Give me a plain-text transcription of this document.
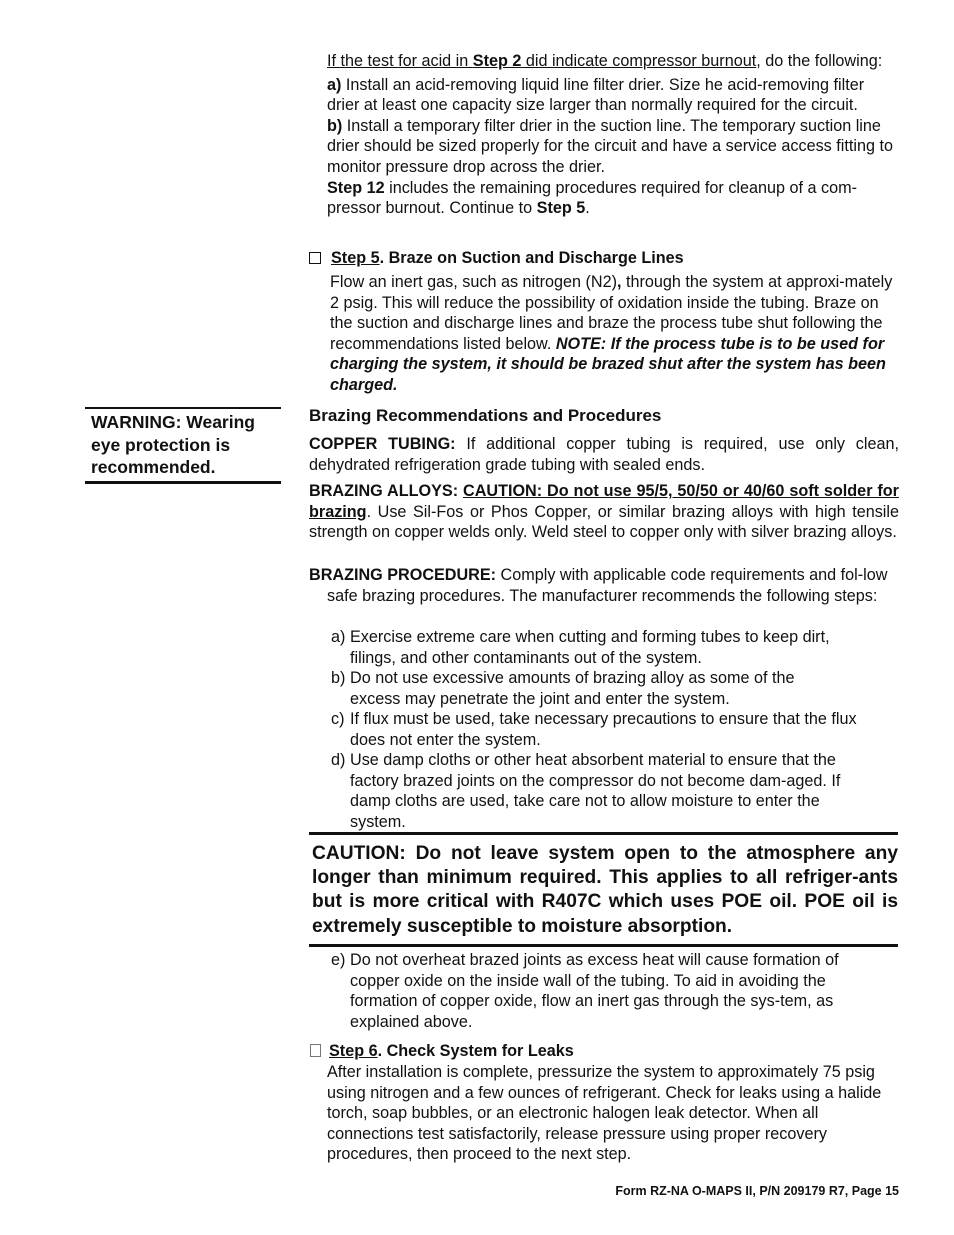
If the test for acid in Step 2 did indicate compressor burnout, do the following:

a) Install an acid-removing liquid line filter drier. Size he acid-removing filter drier at least one capacity size larger than normally required for the circuit.

b) Install a temporary filter drier in the suction line. The temporary suction line drier should be sized properly for the circuit and have a service access fitting to monitor pressure drop across the drier.

Step 12 includes the remaining procedures required for cleanup of a com-pressor burnout. Continue to Step 5.

Step 5. Braze on Suction and Discharge Lines

Flow an inert gas, such as nitrogen (N2), through the system at approxi-mately 2 psig. This will reduce the possibility of oxidation inside the tubing. Braze on the suction and discharge lines and braze the process tube shut following the recommendations listed below. NOTE: If the process tube is to be used for charging the system, it should be brazed shut after the system has been charged.

WARNING: Wearing eye protection is recommended.

Brazing Recommendations and Procedures

COPPER TUBING: If additional copper tubing is required, use only clean, dehydrated refrigeration grade tubing with sealed ends.

BRAZING ALLOYS: CAUTION: Do not use 95/5, 50/50 or 40/60 soft solder for brazing. Use Sil-Fos or Phos Copper, or similar brazing alloys with high tensile strength on copper welds only. Weld steel to copper only with silver brazing alloys.

BRAZING PROCEDURE: Comply with applicable code requirements and fol-low safe brazing procedures. The manufacturer recommends the following steps:

a) Exercise extreme care when cutting and forming tubes to keep dirt, filings, and other contaminants out of the system.
b) Do not use excessive amounts of brazing alloy as some of the excess may penetrate the joint and enter the system.
c) If flux must be used, take necessary precautions to ensure that the flux does not enter the system.
d) Use damp cloths or other heat absorbent material to ensure that the factory brazed joints on the compressor do not become dam-aged. If damp cloths are used, take care not to allow moisture to enter the system.

CAUTION: Do not leave system open to the atmosphere any longer than minimum required. This applies to all refriger-ants but is more critical with R407C which uses POE oil. POE oil is extremely susceptible to moisture absorption.

e) Do not overheat brazed joints as excess heat will cause formation of copper oxide on the inside wall of the tubing. To aid in avoiding the formation of copper oxide, flow an inert gas through the sys-tem, as explained above.
Step 6. Check System for Leaks

After installation is complete, pressurize the system to approximately 75 psig using nitrogen and a few ounces of refrigerant. Check for leaks using a halide torch, soap bubbles, or an electronic halogen leak detector. When all connections test satisfactorily, release pressure using proper recovery procedures, then proceed to the next step.

Form RZ-NA O-MAPS II, P/N 209179 R7, Page 15
